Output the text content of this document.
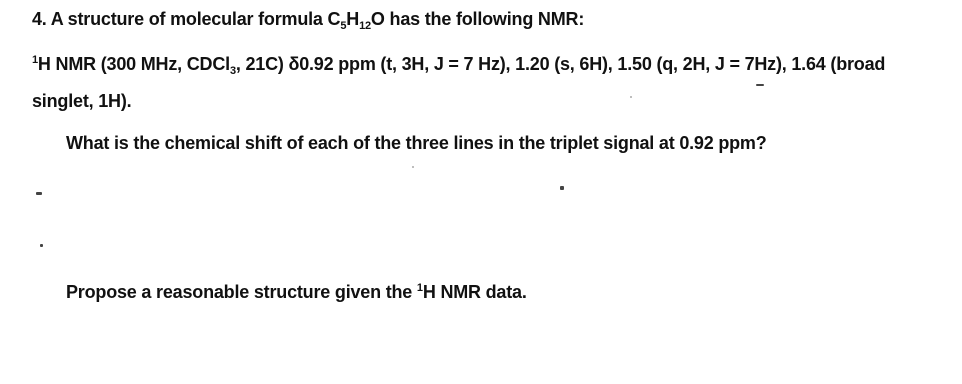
4. A structure of molecular formula $C_5H_{12}O$ has the following NMR:
$^1$H NMR (300 MHz, CDCl$_3$, 21C) δ0.92 ppm (t, 3H, J = 7 Hz), 1.20 (s, 6H), 1.50 (q, 2H, J = 7Hz), 1.64 (broad
singlet, 1H).
What is the chemical shift of each of the three lines in the triplet signal at 0.92 ppm?
Propose a reasonable structure given the $^1$H NMR data.
